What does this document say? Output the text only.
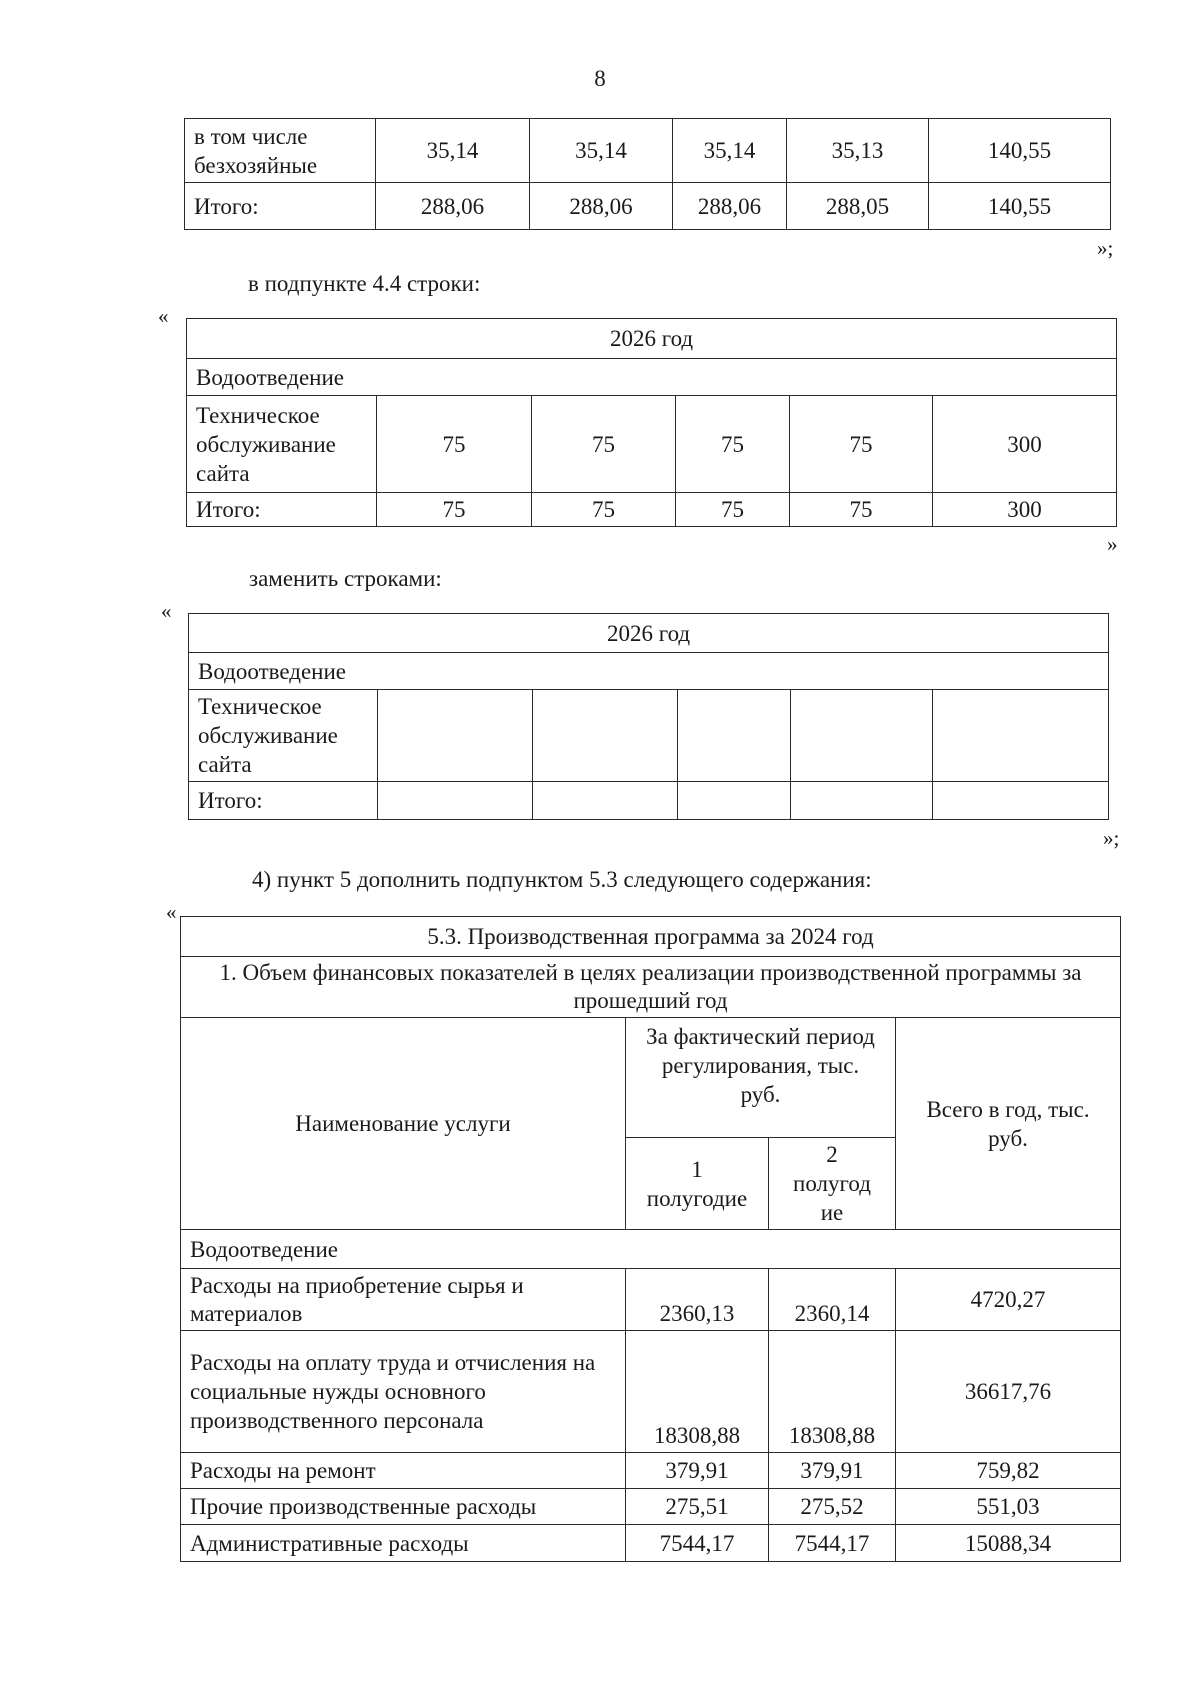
8
в том числе безхозяйные	35,14	35,14	35,14	35,13	140,55
Итого:	288,06	288,06	288,06	288,05	140,55
»;
в подпункте 4.4 строки:
«
2026 год					
Водоотведение					
Техническое обслуживание сайта	75	75	75	75	300
Итого:	75	75	75	75	300
»
заменить строками:
«
2026 год					
Водоотведение					
Техническое обслуживание сайта					
Итого:					
»;
4) пункт 5 дополнить подпунктом 5.3 следующего содержания:
«
5.3. Производственная программа за 2024 год			
1. Объем финансовых показателей в целях реализации производственной программы за прошедший год			
Наименование услуги	За фактический период регулирования, тыс. руб.		Всего в год, тыс. руб.
	1 полугодие	2 полугод ие	
Водоотведение			
Расходы на приобретение сырья и материалов	2360,13	2360,14	4720,27
Расходы на оплату труда и отчисления на социальные нужды основного производственного персонала	18308,88	18308,88	36617,76
Расходы на ремонт	379,91	379,91	759,82
Прочие производственные расходы	275,51	275,52	551,03
Административные расходы	7544,17	7544,17	15088,34
